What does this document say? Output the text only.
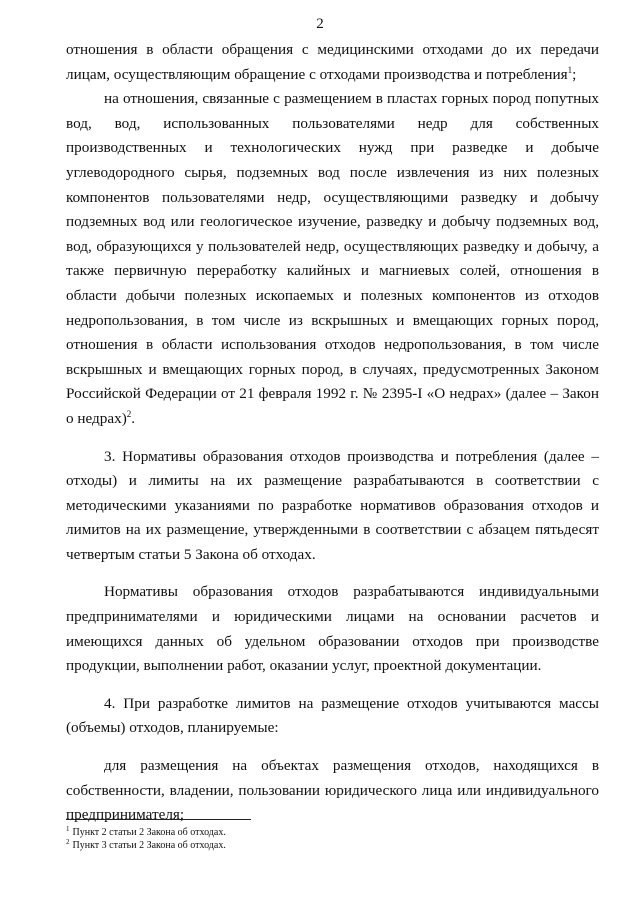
2

отношения в области обращения с медицинскими отходами до их передачи лицам, осуществляющим обращение с отходами производства и потребления$^1$;

на отношения, связанные с размещением в пластах горных пород попутных вод, вод, использованных пользователями недр для собственных производственных и технологических нужд при разведке и добыче углеводородного сырья, подземных вод после извлечения из них полезных компонентов пользователями недр, осуществляющими разведку и добычу подземных вод или геологическое изучение, разведку и добычу подземных вод, вод, образующихся у пользователей недр, осуществляющих разведку и добычу, а также первичную переработку калийных и магниевых солей, отношения в области добычи полезных ископаемых и полезных компонентов из отходов недропользования, в том числе из вскрышных и вмещающих горных пород, отношения в области использования отходов недропользования, в том числе вскрышных и вмещающих горных пород, в случаях, предусмотренных Законом Российской Федерации от 21 февраля 1992 г. № 2395-I «О недрах» (далее – Закон о недрах)$^2$.

3. Нормативы образования отходов производства и потребления (далее – отходы) и лимиты на их размещение разрабатываются в соответствии с методическими указаниями по разработке нормативов образования отходов и лимитов на их размещение, утвержденными в соответствии с абзацем пятьдесят четвертым статьи 5 Закона об отходах.

Нормативы образования отходов разрабатываются индивидуальными предпринимателями и юридическими лицами на основании расчетов и имеющихся данных об удельном образовании отходов при производстве продукции, выполнении работ, оказании услуг, проектной документации.

4. При разработке лимитов на размещение отходов учитываются массы (объемы) отходов, планируемые:

для размещения на объектах размещения отходов, находящихся в собственности, владении, пользовании юридического лица или индивидуального предпринимателя;

$^1$ Пункт 2 статьи 2 Закона об отходах.

$^2$ Пункт 3 статьи 2 Закона об отходах.
